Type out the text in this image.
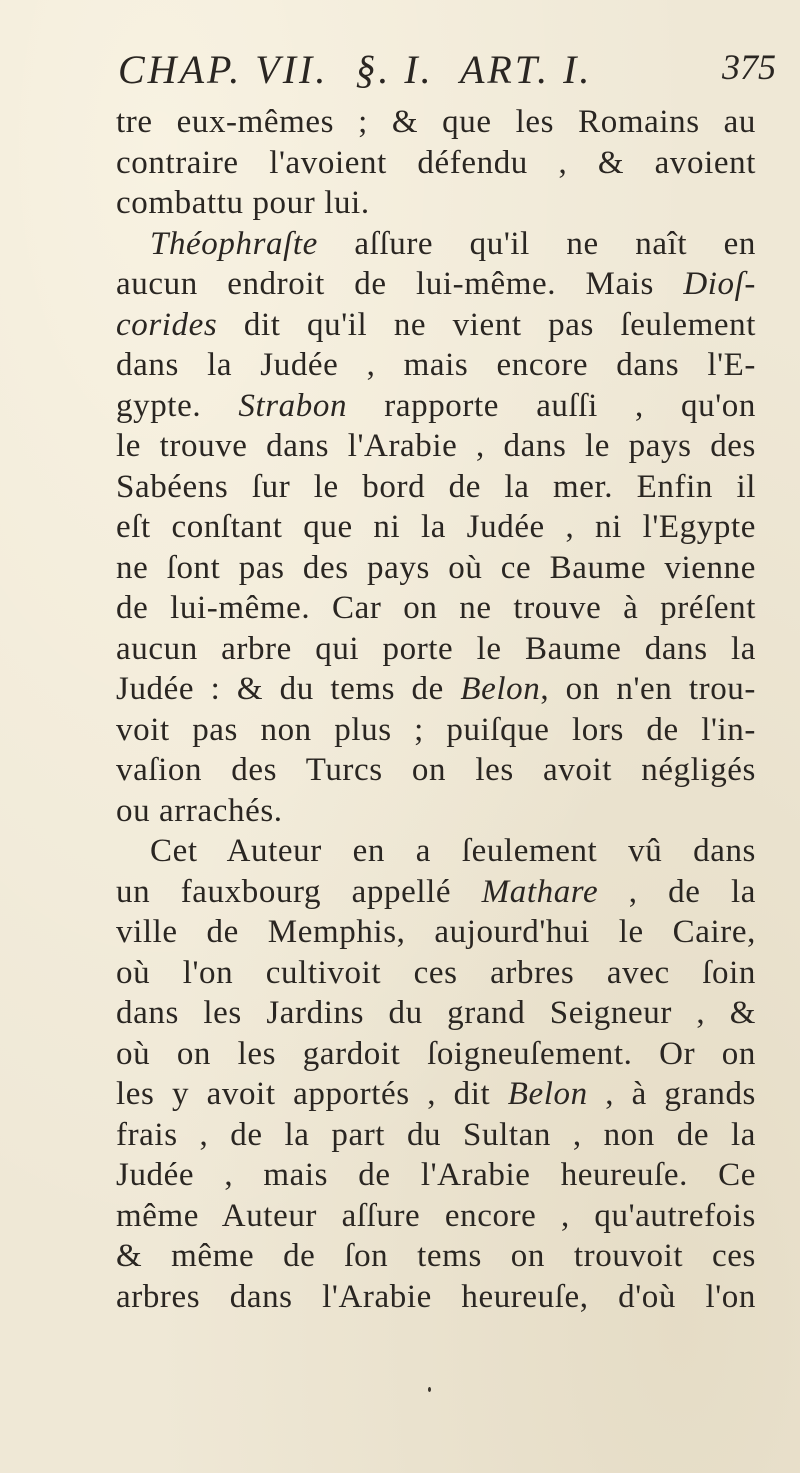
CHAP. VII. §. I. ART. I.	375
tre eux-mêmes ; & que les Romains au
contraire l'avoient défendu , & avoient
combattu pour lui.
Théophraſte aſſure qu'il ne naît en
aucun endroit de lui-même. Mais Dioſ-
corides dit qu'il ne vient pas ſeulement
dans la Judée , mais encore dans l'E-
gypte. Strabon rapporte auſſi , qu'on
le trouve dans l'Arabie , dans le pays des
Sabéens ſur le bord de la mer. Enfin il
eſt conſtant que ni la Judée , ni l'Egypte
ne ſont pas des pays où ce Baume vienne
de lui-même. Car on ne trouve à préſent
aucun arbre qui porte le Baume dans la
Judée : & du tems de Belon, on n'en trou-
voit pas non plus ; puiſque lors de l'in-
vaſion des Turcs on les avoit négligés
ou arrachés.
Cet Auteur en a ſeulement vû dans
un fauxbourg appellé Mathare , de la
ville de Memphis, aujourd'hui le Caire,
où l'on cultivoit ces arbres avec ſoin
dans les Jardins du grand Seigneur , &
où on les gardoit ſoigneuſement. Or on
les y avoit apportés , dit Belon , à grands
frais , de la part du Sultan , non de la
Judée , mais de l'Arabie heureuſe. Ce
même Auteur aſſure encore , qu'autrefois
& même de ſon tems on trouvoit ces
arbres dans l'Arabie heureuſe, d'où l'on
